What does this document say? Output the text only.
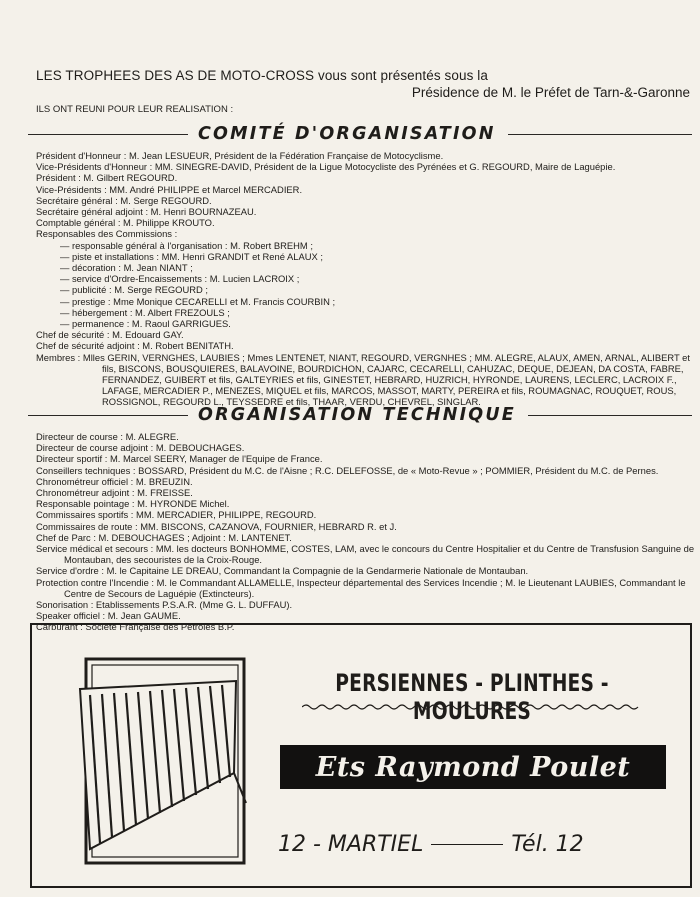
LES TROPHEES DES AS DE MOTO-CROSS vous sont présentés sous la
Présidence de M. le Préfet de Tarn-&-Garonne
ILS ONT REUNI POUR LEUR REALISATION :
COMITÉ D'ORGANISATION
Président d'Honneur : M. Jean LESUEUR, Président de la Fédération Française de Motocyclisme.
Vice-Présidents d'Honneur : MM. SINEGRE-DAVID, Président de la Ligue Motocycliste des Pyrénées et G. REGOURD, Maire de Laguépie.
Président : M. Gilbert REGOURD.
Vice-Présidents : MM. André PHILIPPE et Marcel MERCADIER.
Secrétaire général : M. Serge REGOURD.
Secrétaire général adjoint : M. Henri BOURNAZEAU.
Comptable général : M. Philippe KROUTO.
Responsables des Commissions :
— responsable général à l'organisation : M. Robert BREHM ;
— piste et installations : MM. Henri GRANDIT et René ALAUX ;
— décoration : M. Jean NIANT ;
— service d'Ordre-Encaissements : M. Lucien LACROIX ;
— publicité : M. Serge REGOURD ;
— prestige : Mme Monique CECARELLI et M. Francis COURBIN ;
— hébergement : M. Albert FREZOULS ;
— permanence : M. Raoul GARRIGUES.
Chef de sécurité : M. Edouard GAY.
Chef de sécurité adjoint : M. Robert BENITATH.
Membres : Mlles GERIN, VERNGHES, LAUBIES ; Mmes LENTENET, NIANT, REGOURD, VERGNHES ; MM. ALEGRE, ALAUX, AMEN, ARNAL, ALIBERT et fils, BISCONS, BOUSQUIERES, BALAVOINE, BOURDICHON, CAJARC, CECARELLI, CAHUZAC, DEQUE, DEJEAN, DA COSTA, FABRE, FERNANDEZ, GUIBERT et fils, GALTEYRIES et fils, GINESTET, HEBRARD, HUZRICH, HYRONDE, LAURENS, LECLERC, LACROIX F., LAFAGE, MERCADIER P., MENEZES, MIQUEL et fils, MARCOS, MASSOT, MARTY, PEREIRA et fils, ROUMAGNAC, ROUQUET, ROUS, ROSSIGNOL, REGOURD L., TEYSSEDRE et fils, THAAR, VERDU, CHEVREL, SINGLAR.
ORGANISATION TECHNIQUE
Directeur de course : M. ALEGRE.
Directeur de course adjoint : M. DEBOUCHAGES.
Directeur sportif : M. Marcel SEERY, Manager de l'Equipe de France.
Conseillers techniques : BOSSARD, Président du M.C. de l'Aisne ; R.C. DELEFOSSE, de « Moto-Revue » ; POMMIER, Président du M.C. de Pernes.
Chronométreur officiel : M. BREUZIN.
Chronométreur adjoint : M. FREISSE.
Responsable pointage : M. HYRONDE Michel.
Commissaires sportifs : MM. MERCADIER, PHILIPPE, REGOURD.
Commissaires de route : MM. BISCONS, CAZANOVA, FOURNIER, HEBRARD R. et J.
Chef de Parc : M. DEBOUCHAGES ; Adjoint : M. LANTENET.
Service médical et secours : MM. les docteurs BONHOMME, COSTES, LAM, avec le concours du Centre Hospitalier et du Centre de Transfusion Sanguine de Montauban, des secouristes de la Croix-Rouge.
Service d'ordre : M. le Capitaine LE DREAU, Commandant la Compagnie de la Gendarmerie Nationale de Montauban.
Protection contre l'Incendie : M. le Commandant ALLAMELLE, Inspecteur départemental des Services Incendie ; M. le Lieutenant LAUBIES, Commandant le Centre de Secours de Laguépie (Extincteurs).
Sonorisation : Etablissements P.S.A.R. (Mme G. L. DUFFAU).
Speaker officiel : M. Jean GAUME.
Carburant : Société Française des Pétroles B.P.
PERSIENNES - PLINTHES - MOULURES
Ets Raymond Poulet
12 - MARTIEL	Tél. 12
